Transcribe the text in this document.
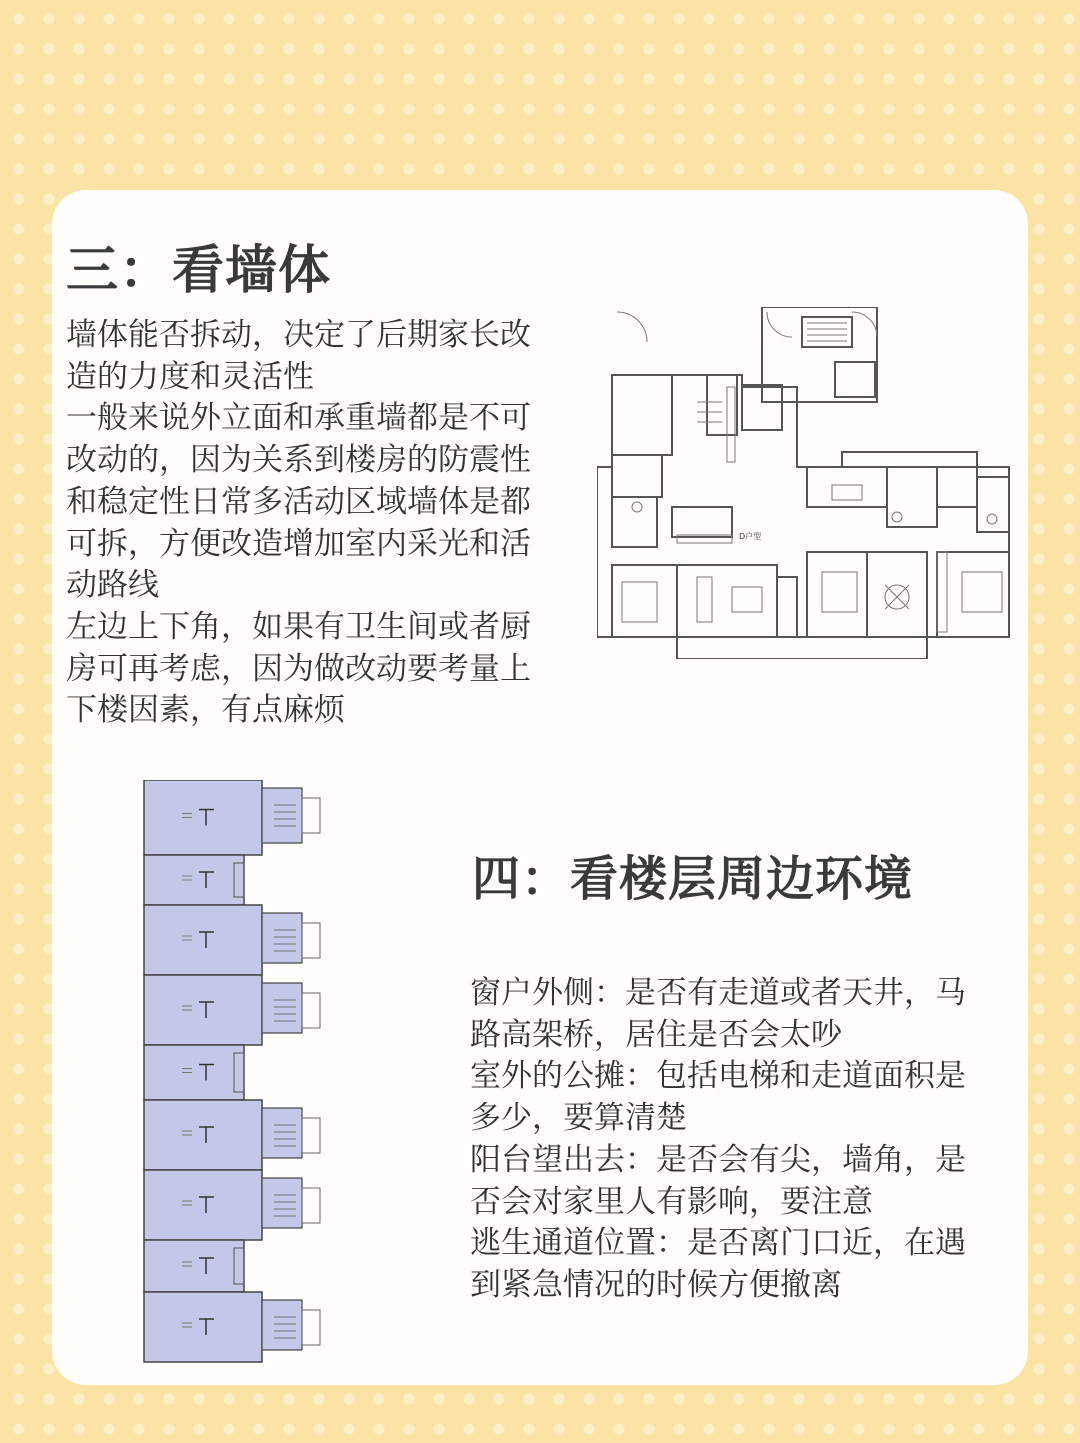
三：看墙体

墙体能否拆动，决定了后期家长改

造的力度和灵活性

一般来说外立面和承重墙都是不可

改动的，因为关系到楼房的防震性

和稳定性日常多活动区域墙体是都

可拆，方便改造增加室内采光和活

动路线

左边上下角，如果有卫生间或者厨

房可再考虑，因为做改动要考量上

下楼因素，有点麻烦

D户型
四：看楼层周边环境

窗户外侧：是否有走道或者天井，马

路高架桥，居住是否会太吵

室外的公摊：包括电梯和走道面积是

多少，要算清楚

阳台望出去：是否会有尖，墙角，是

否会对家里人有影响，要注意

逃生通道位置：是否离门口近，在遇

到紧急情况的时候方便撤离
